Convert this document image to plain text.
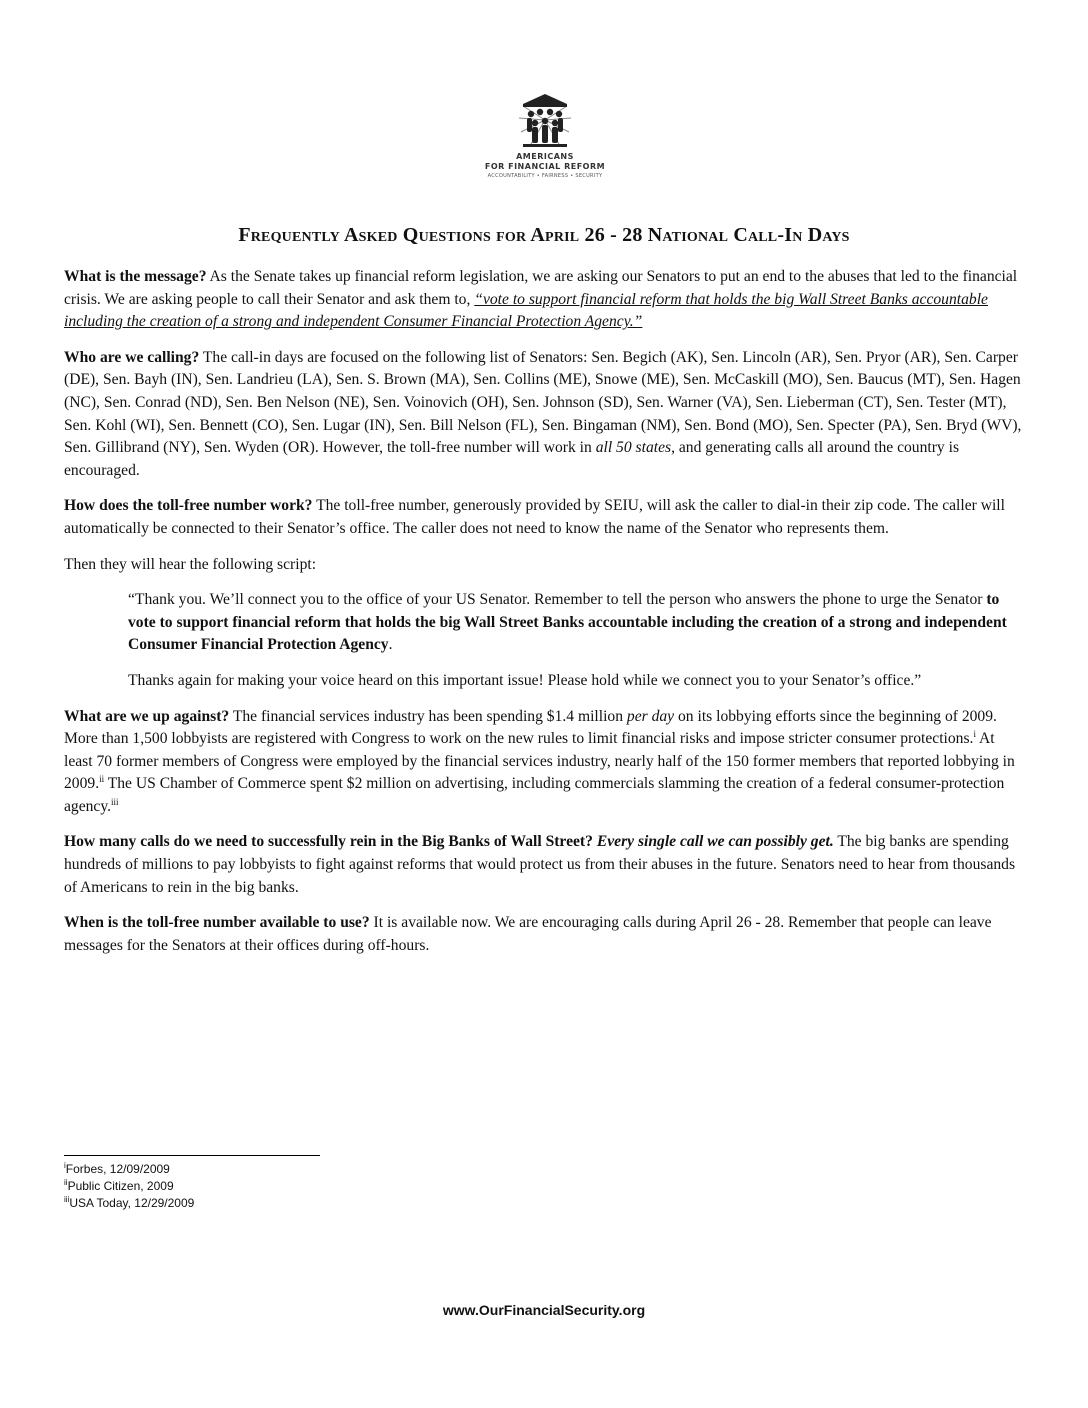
AMERICANS
FOR FINANCIAL REFORM
ACCOUNTABILITY • FAIRNESS • SECURITY
Frequently Asked Questions for April 26 - 28 National Call-In Days

What is the message? As the Senate takes up financial reform legislation, we are asking our Senators to put an end to the abuses that led to the financial crisis. We are asking people to call their Senator and ask them to, “vote to support financial reform that holds the big Wall Street Banks accountable including the creation of a strong and independent Consumer Financial Protection Agency.”

Who are we calling? The call-in days are focused on the following list of Senators: Sen. Begich (AK), Sen. Lincoln (AR), Sen. Pryor (AR), Sen. Carper (DE), Sen. Bayh (IN), Sen. Landrieu (LA), Sen. S. Brown (MA), Sen. Collins (ME), Snowe (ME), Sen. McCaskill (MO), Sen. Baucus (MT), Sen. Hagen (NC), Sen. Conrad (ND), Sen. Ben Nelson (NE), Sen. Voinovich (OH), Sen. Johnson (SD), Sen. Warner (VA), Sen. Lieberman (CT), Sen. Tester (MT), Sen. Kohl (WI), Sen. Bennett (CO), Sen. Lugar (IN), Sen. Bill Nelson (FL), Sen. Bingaman (NM), Sen. Bond (MO), Sen. Specter (PA), Sen. Bryd (WV), Sen. Gillibrand (NY), Sen. Wyden (OR). However, the toll-free number will work in all 50 states, and generating calls all around the country is encouraged.

How does the toll-free number work? The toll-free number, generously provided by SEIU, will ask the caller to dial-in their zip code. The caller will automatically be connected to their Senator’s office. The caller does not need to know the name of the Senator who represents them.

Then they will hear the following script:

“Thank you. We’ll connect you to the office of your US Senator. Remember to tell the person who answers the phone to urge the Senator to vote to support financial reform that holds the big Wall Street Banks accountable including the creation of a strong and independent Consumer Financial Protection Agency.

Thanks again for making your voice heard on this important issue! Please hold while we connect you to your Senator’s office.”

What are we up against? The financial services industry has been spending $1.4 million per day on its lobbying efforts since the beginning of 2009. More than 1,500 lobbyists are registered with Congress to work on the new rules to limit financial risks and impose stricter consumer protections.$^i$ At least 70 former members of Congress were employed by the financial services industry, nearly half of the 150 former members that reported lobbying in 2009.$^{ii}$ The US Chamber of Commerce spent $2 million on advertising, including commercials slamming the creation of a federal consumer-protection agency.$^{iii}$

How many calls do we need to successfully rein in the Big Banks of Wall Street? Every single call we can possibly get. The big banks are spending hundreds of millions to pay lobbyists to fight against reforms that would protect us from their abuses in the future. Senators need to hear from thousands of Americans to rein in the big banks.

When is the toll-free number available to use? It is available now. We are encouraging calls during April 26 - 28. Remember that people can leave messages for the Senators at their offices during off-hours.

$^i$Forbes, 12/09/2009
$^{ii}$Public Citizen, 2009
$^{iii}$USA Today, 12/29/2009
www.OurFinancialSecurity.org
